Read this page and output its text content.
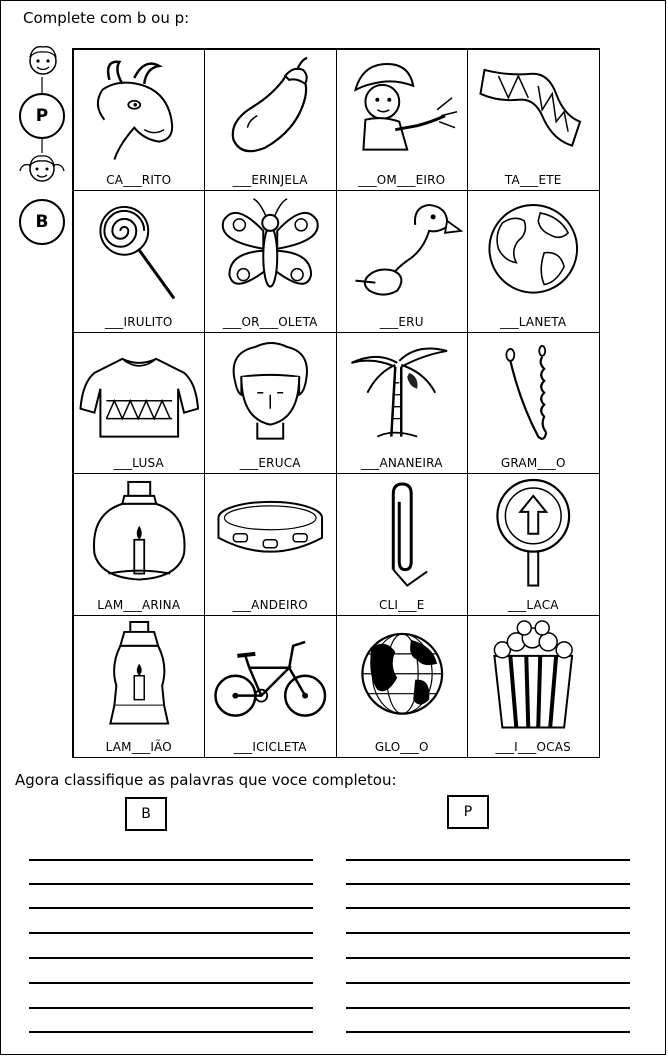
Complete com b ou p:
P
B
CA___RITO	___ERINJELA	___OM___EIRO	TA___ETE
___IRULITO	___OR___OLETA	___ERU	___LANETA
___LUSA	___ERUCA	___ANANEIRA	GRAM___O
LAM___ARINA	___ANDEIRO	CLI___E	___LACA
LAM___IÃO	___ICICLETA	GLO___O	___I___OCAS
Agora classifique as palavras que voce completou:
B	P
